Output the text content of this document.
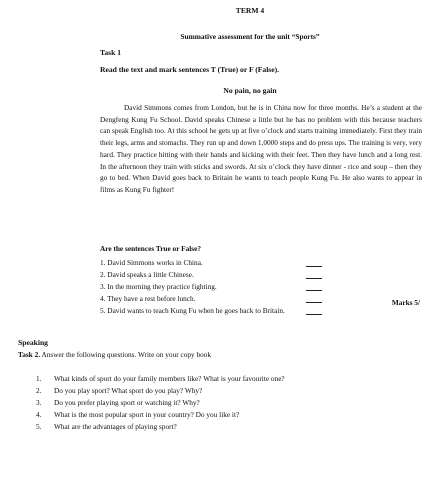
TERM 4
Summative assessment for the unit “Sports”
Task 1
Read the text and mark sentences T (True) or F (False).
No pain, no gain
David Simmons comes from London, but he is in China now for three months. He’s a student at the Dengfeng Kung Fu School. David speaks Chinese a little but he has no problem with this because teachers can speak English too. At this school he gets up at five o’clock and starts training immediately. First they train their legs, arms and stomachs. They run up and down 1,0000 steps and do press ups. The training is very, very hard. They practice hitting with their hands and kicking with their feet. Then they have lunch and a long rest. In the afternoon they train with sticks and swords. At six o’clock they have dinner - rice and soup – then they go to bed. When David goes back to Britain he wants to teach people Kung Fu. He also wants to appear in films as Kung Fu fighter!
Are the sentences True or False?
1. David Simmons works in China.
2. David speaks a little Chinese.
3. In the morning they practice fighting.
4. They have a rest before lunch.
5. David wants to teach Kung Fu when he goes back to Britain.
Marks 5/
Speaking
Task 2. Answer the following questions. Write on your copy book
1. What kinds of sport do your family members like? What is your favourite one?
2. Do you play sport? What sport do you play? Why?
3. Do you prefer playing sport or watching it? Why?
4. What is the most popular sport in your country? Do you like it?
5. What are the advantages of playing sport?
